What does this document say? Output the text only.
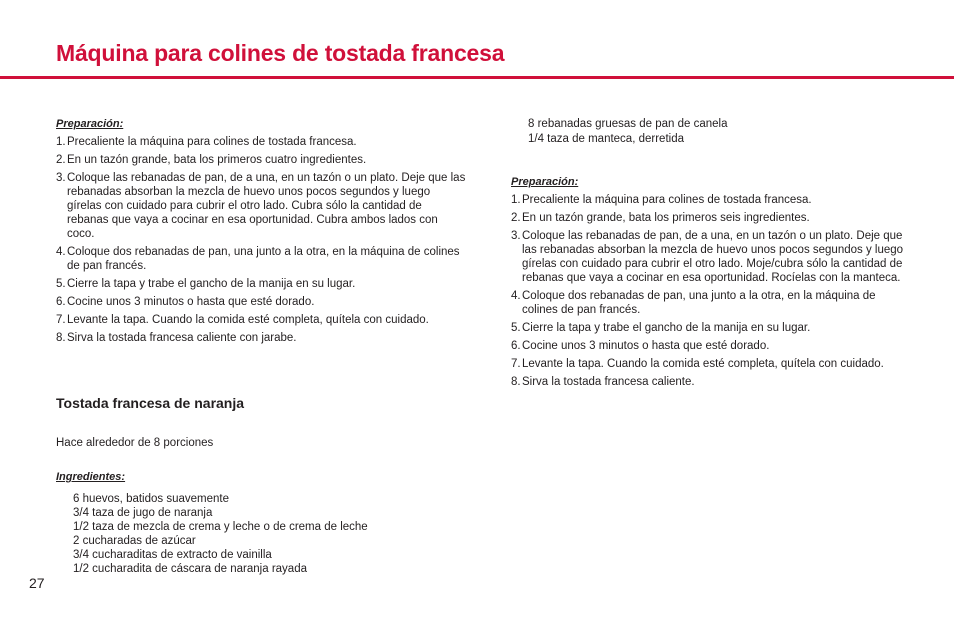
Máquina para colines de tostada francesa
Preparación:
1. Precaliente la máquina para colines de tostada francesa.
2. En un tazón grande, bata los primeros cuatro ingredientes.
3. Coloque las rebanadas de pan, de a una, en un tazón o un plato. Deje que las rebanadas absorban la mezcla de huevo unos pocos segundos y luego gírelas con cuidado para cubrir el otro lado. Cubra sólo la cantidad de rebanas que vaya a cocinar en esa oportunidad. Cubra ambos lados con coco.
4. Coloque dos rebanadas de pan, una junto a la otra, en la máquina de colines de pan francés.
5. Cierre la tapa y trabe el gancho de la manija en su lugar.
6. Cocine unos 3 minutos o hasta que esté dorado.
7. Levante la tapa. Cuando la comida esté completa, quítela con cuidado.
8. Sirva la tostada francesa caliente con jarabe.
Tostada francesa de naranja

Hace alrededor de 8 porciones

Ingredientes:
6 huevos, batidos suavemente
3/4 taza de jugo de naranja
1/2 taza de mezcla de crema y leche o de crema de leche
2 cucharadas de azúcar
3/4 cucharaditas de extracto de vainilla
1/2 cucharadita de cáscara de naranja rayada
8 rebanadas gruesas de pan de canela
1/4 taza de manteca, derretida
Preparación:
1. Precaliente la máquina para colines de tostada francesa.
2. En un tazón grande, bata los primeros seis ingredientes.
3. Coloque las rebanadas de pan, de a una, en un tazón o un plato. Deje que las rebanadas absorban la mezcla de huevo unos pocos segundos y luego gírelas con cuidado para cubrir el otro lado. Moje/cubra sólo la cantidad de rebanas que vaya a cocinar en esa oportunidad. Rocíelas con la manteca.
4. Coloque dos rebanadas de pan, una junto a la otra, en la máquina de colines de pan francés.
5. Cierre la tapa y trabe el gancho de la manija en su lugar.
6. Cocine unos 3 minutos o hasta que esté dorado.
7. Levante la tapa. Cuando la comida esté completa, quítela con cuidado.
8. Sirva la tostada francesa caliente.
27
